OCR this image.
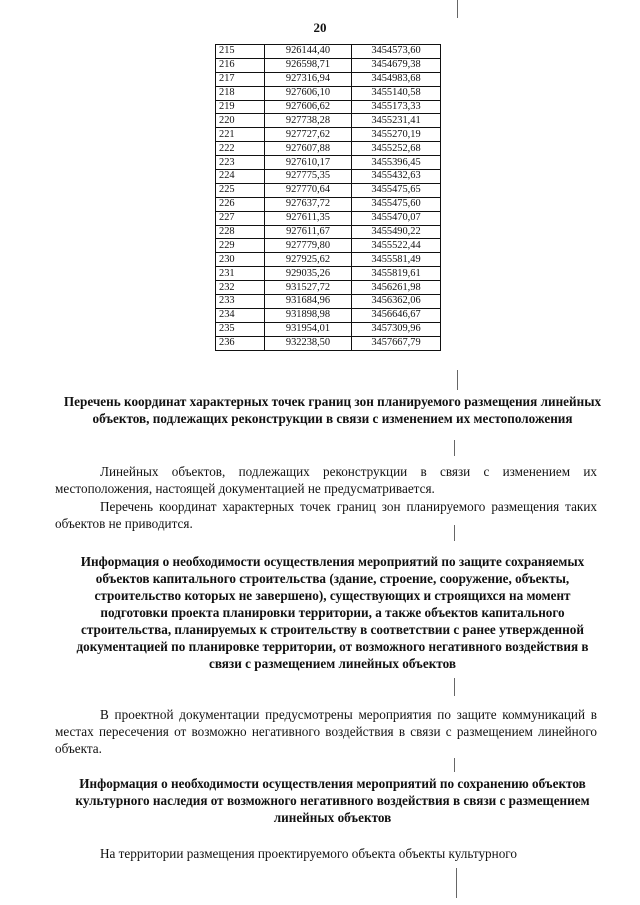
20
215	926144,40	3454573,60
216	926598,71	3454679,38
217	927316,94	3454983,68
218	927606,10	3455140,58
219	927606,62	3455173,33
220	927738,28	3455231,41
221	927727,62	3455270,19
222	927607,88	3455252,68
223	927610,17	3455396,45
224	927775,35	3455432,63
225	927770,64	3455475,65
226	927637,72	3455475,60
227	927611,35	3455470,07
228	927611,67	3455490,22
229	927779,80	3455522,44
230	927925,62	3455581,49
231	929035,26	3455819,61
232	931527,72	3456261,98
233	931684,96	3456362,06
234	931898,98	3456646,67
235	931954,01	3457309,96
236	932238,50	3457667,79

Перечень координат характерных точек границ зон планируемого размещения линейных объектов, подлежащих реконструкции в связи с изменением их местоположения

Линейных объектов, подлежащих реконструкции в связи с изменением их местоположения, настоящей документацией не предусматривается.

Перечень координат характерных точек границ зон планируемого размещения таких объектов не приводится.

Информация о необходимости осуществления мероприятий по защите сохраняемых объектов капитального строительства (здание, строение, сооружение, объекты, строительство которых не завершено), существующих и строящихся на момент подготовки проекта планировки территории, а также объектов капитального строительства, планируемых к строительству в соответствии с ранее утвержденной документацией по планировке территории, от возможного негативного воздействия в связи с размещением линейных объектов

В проектной документации предусмотрены мероприятия по защите коммуникаций в местах пересечения от возможно негативного воздействия в связи с размещением линейного объекта.

Информация о необходимости осуществления мероприятий по сохранению объектов культурного наследия от возможного негативного воздействия в связи с размещением линейных объектов

На территории размещения проектируемого объекта объекты культурного
